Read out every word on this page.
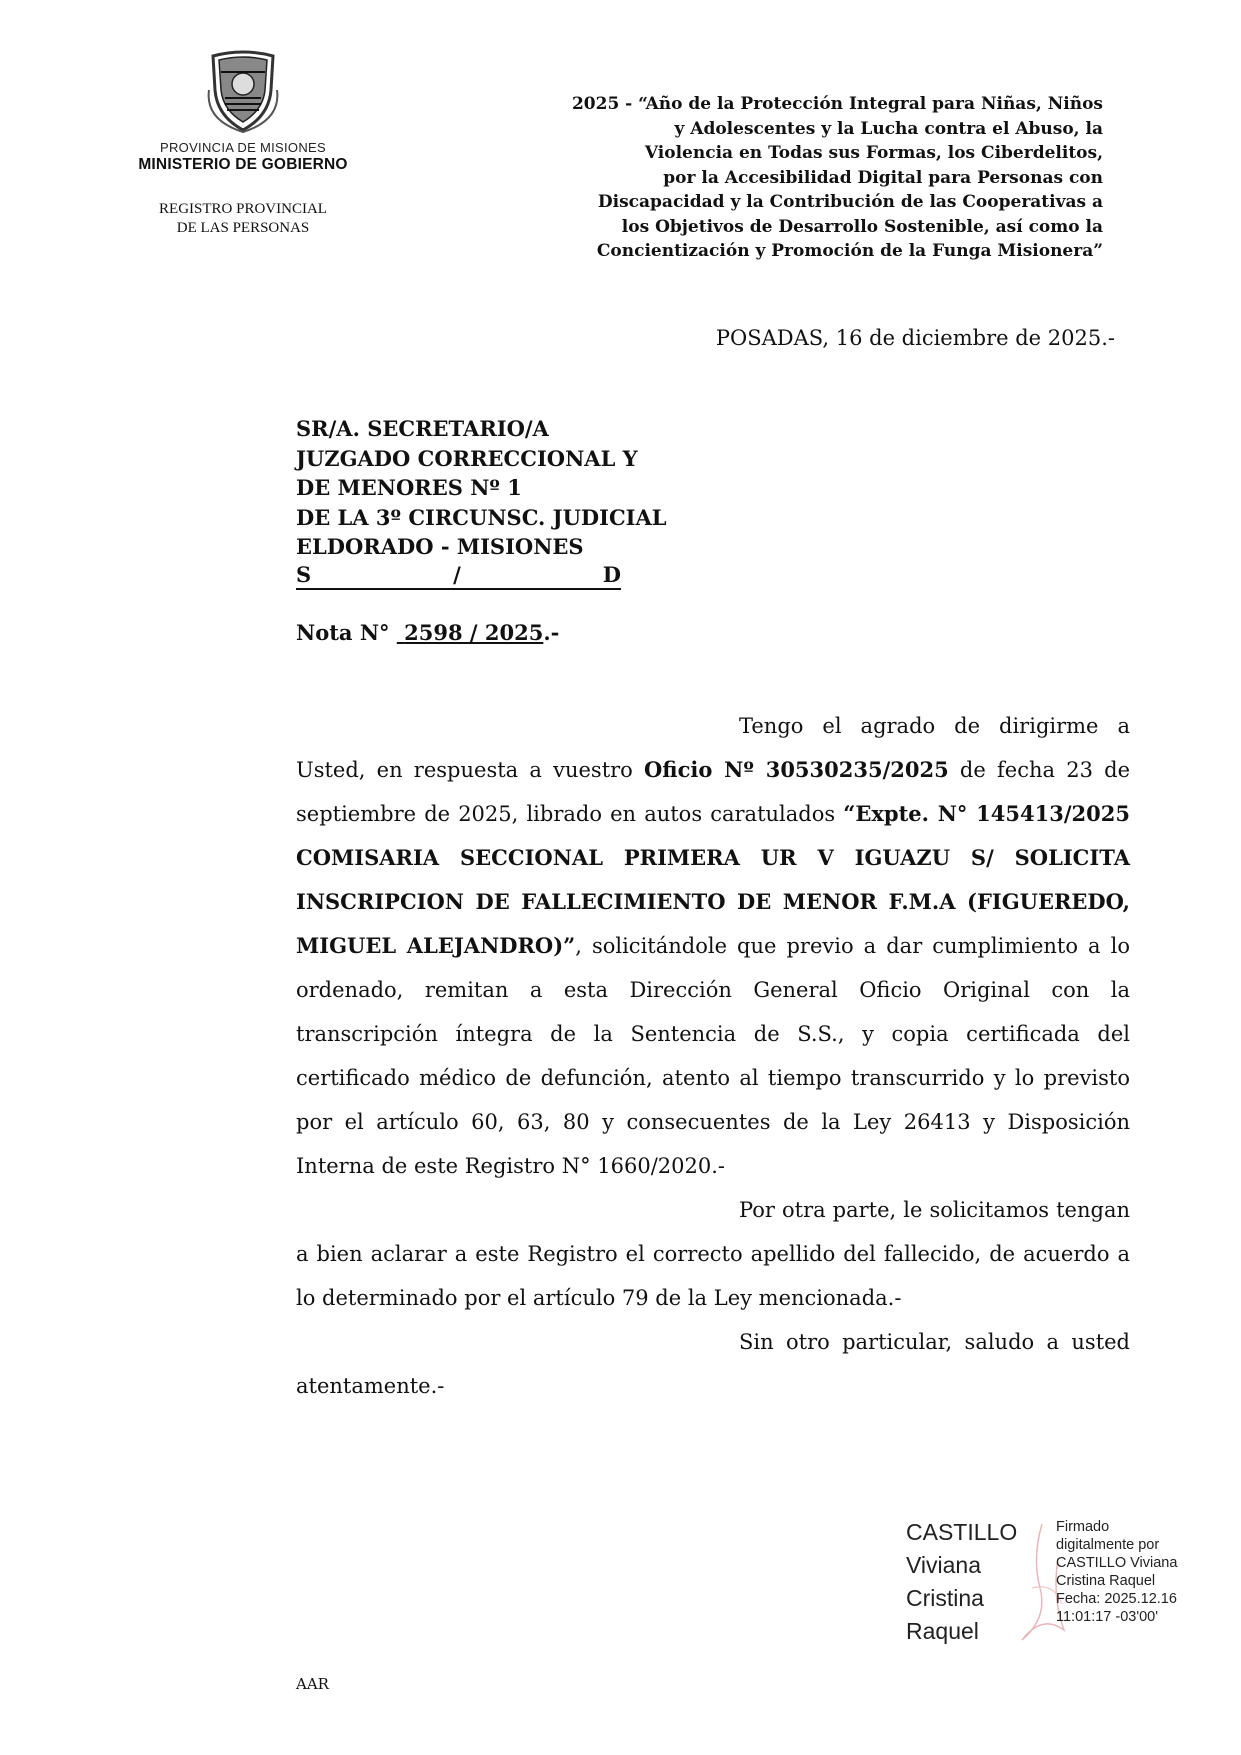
PROVINCIA DE MISIONES
MINISTERIO DE GOBIERNO
REGISTRO PROVINCIAL
DE LAS PERSONAS
2025 - “Año de la Protección Integral para Niñas, Niños
y Adolescentes y la Lucha contra el Abuso, la
Violencia en Todas sus Formas, los Ciberdelitos,
por la Accesibilidad Digital para Personas con
Discapacidad y la Contribución de las Cooperativas a
los Objetivos de Desarrollo Sostenible, así como la
Concientización y Promoción de la Funga Misionera”
POSADAS, 16 de diciembre de 2025.-
SR/A. SECRETARIO/A
JUZGADO CORRECCIONAL Y
DE MENORES Nº 1
DE LA 3º CIRCUNSC. JUDICIAL
ELDORADO - MISIONES
S	/	D
Nota N° 2598 / 2025.-

Tengo el agrado de dirigirme a Usted, en respuesta a vuestro Oficio Nº 30530235/2025 de fecha 23 de septiembre de 2025, librado en autos caratulados “Expte. N° 145413/2025 COMISARIA SECCIONAL PRIMERA UR V IGUAZU S/ SOLICITA INSCRIPCION DE FALLECIMIENTO DE MENOR F.M.A (FIGUEREDO, MIGUEL ALEJANDRO)”, solicitándole que previo a dar cumplimiento a lo ordenado, remitan a esta Dirección General Oficio Original con la transcripción íntegra de la Sentencia de S.S., y copia certificada del certificado médico de defunción, atento al tiempo transcurrido y lo previsto por el artículo 60, 63, 80 y consecuentes de la Ley 26413 y Disposición Interna de este Registro N° 1660/2020.-

Por otra parte, le solicitamos tengan a bien aclarar a este Registro el correcto apellido del fallecido, de acuerdo a lo determinado por el artículo 79 de la Ley mencionada.-

Sin otro particular, saludo a usted atentamente.-

CASTILLO
Viviana
Cristina
Raquel
Firmado
digitalmente por
CASTILLO Viviana
Cristina Raquel
Fecha: 2025.12.16
11:01:17 -03'00'
AAR
